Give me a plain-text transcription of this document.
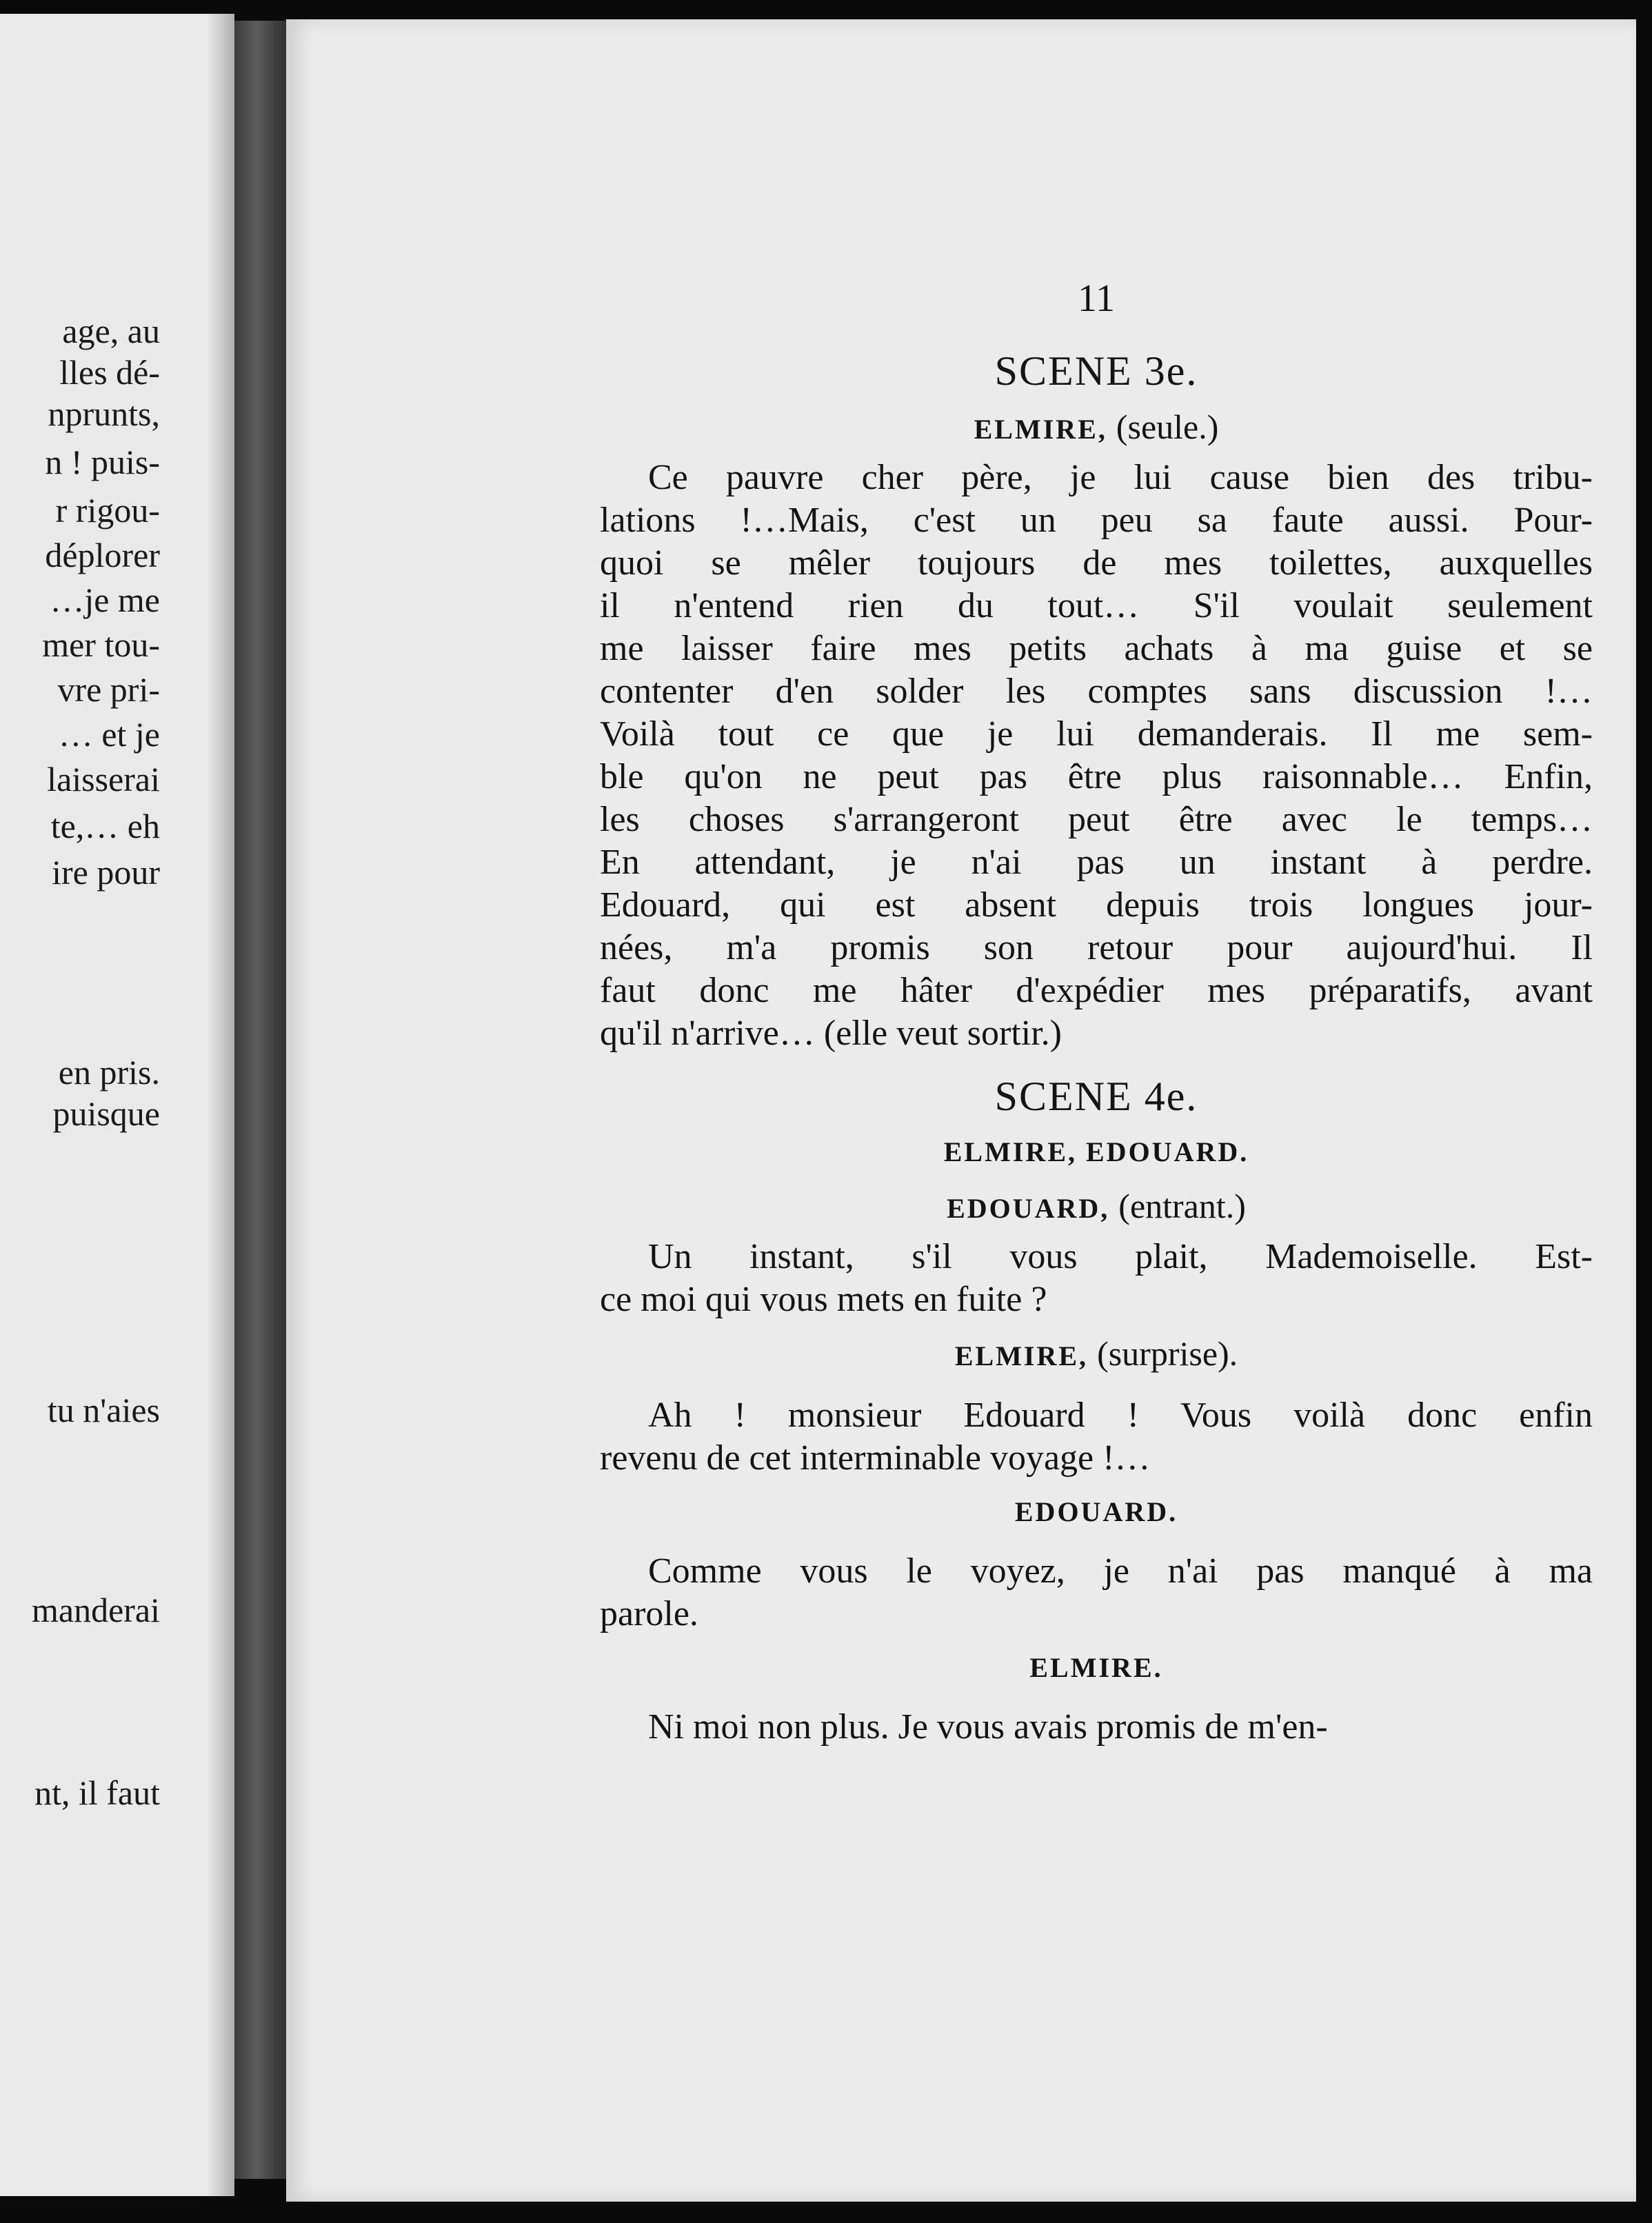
age, au
lles dé-
nprunts,
n ! puis-
r rigou-
déplorer
…je me
mer tou-
vre pri-
… et je
laisserai
te,… eh
ire pour
en pris.
puisque
tu n'aies
manderai
nt, il faut
11
SCENE 3e.
ELMIRE, (seule.)
Ce pauvre cher père, je lui cause bien des tribu-
lations !…Mais, c'est un peu sa faute aussi. Pour-
quoi se mêler toujours de mes toilettes, auxquelles
il n'entend rien du tout… S'il voulait seulement
me laisser faire mes petits achats à ma guise et se
contenter d'en solder les comptes sans discussion !…
Voilà tout ce que je lui demanderais. Il me sem-
ble qu'on ne peut pas être plus raisonnable… Enfin,
les choses s'arrangeront peut être avec le temps…
En attendant, je n'ai pas un instant à perdre.
Edouard, qui est absent depuis trois longues jour-
nées, m'a promis son retour pour aujourd'hui. Il
faut donc me hâter d'expédier mes préparatifs, avant
qu'il n'arrive… (elle veut sortir.)
SCENE 4e.
ELMIRE, EDOUARD.
EDOUARD, (entrant.)
Un instant, s'il vous plait, Mademoiselle. Est-
ce moi qui vous mets en fuite ?
ELMIRE, (surprise).
Ah ! monsieur Edouard ! Vous voilà donc enfin
revenu de cet interminable voyage !…
EDOUARD.
Comme vous le voyez, je n'ai pas manqué à ma
parole.
ELMIRE.
Ni moi non plus. Je vous avais promis de m'en-
